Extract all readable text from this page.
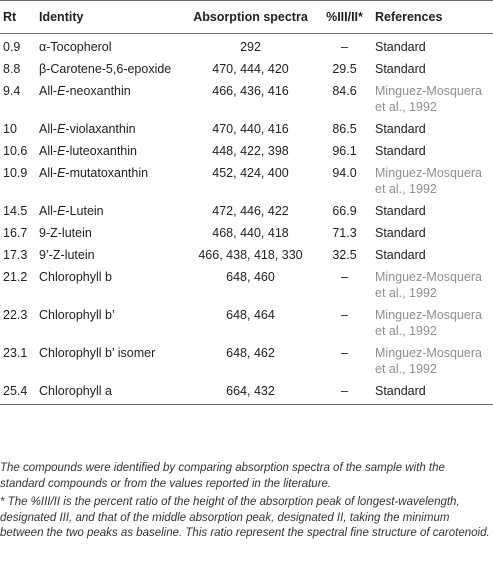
Rt	Identity	Absorption spectra	%III/II*	References
0.9	α-Tocopherol	292	–	Standard
8.8	β-Carotene-5,6-epoxide	470, 444, 420	29.5	Standard
9.4	All-E-neoxanthin	466, 436, 416	84.6	Minguez-Mosquera et al., 1992
10	All-E-violaxanthin	470, 440, 416	86.5	Standard
10.6	All-E-luteoxanthin	448, 422, 398	96.1	Standard
10.9	All-E-mutatoxanthin	452, 424, 400	94.0	Minguez-Mosquera et al., 1992
14.5	All-E-Lutein	472, 446, 422	66.9	Standard
16.7	9-Z-lutein	468, 440, 418	71.3	Standard
17.3	9’-Z-lutein	466, 438, 418, 330	32.5	Standard
21.2	Chlorophyll b	648, 460	–	Minguez-Mosquera et al., 1992
22.3	Chlorophyll b’	648, 464	–	Minguez-Mosquera et al., 1992
23.1	Chlorophyll b’ isomer	648, 462	–	Minguez-Mosquera et al., 1992
25.4	Chlorophyll a	664, 432	–	Standard

The compounds were identified by comparing absorption spectra of the sample with the standard compounds or from the values reported in the literature.

* The %III/II is the percent ratio of the height of the absorption peak of longest-wavelength, designated III, and that of the middle absorption peak, designated II, taking the minimum between the two peaks as baseline. This ratio represent the spectral fine structure of carotenoid.
